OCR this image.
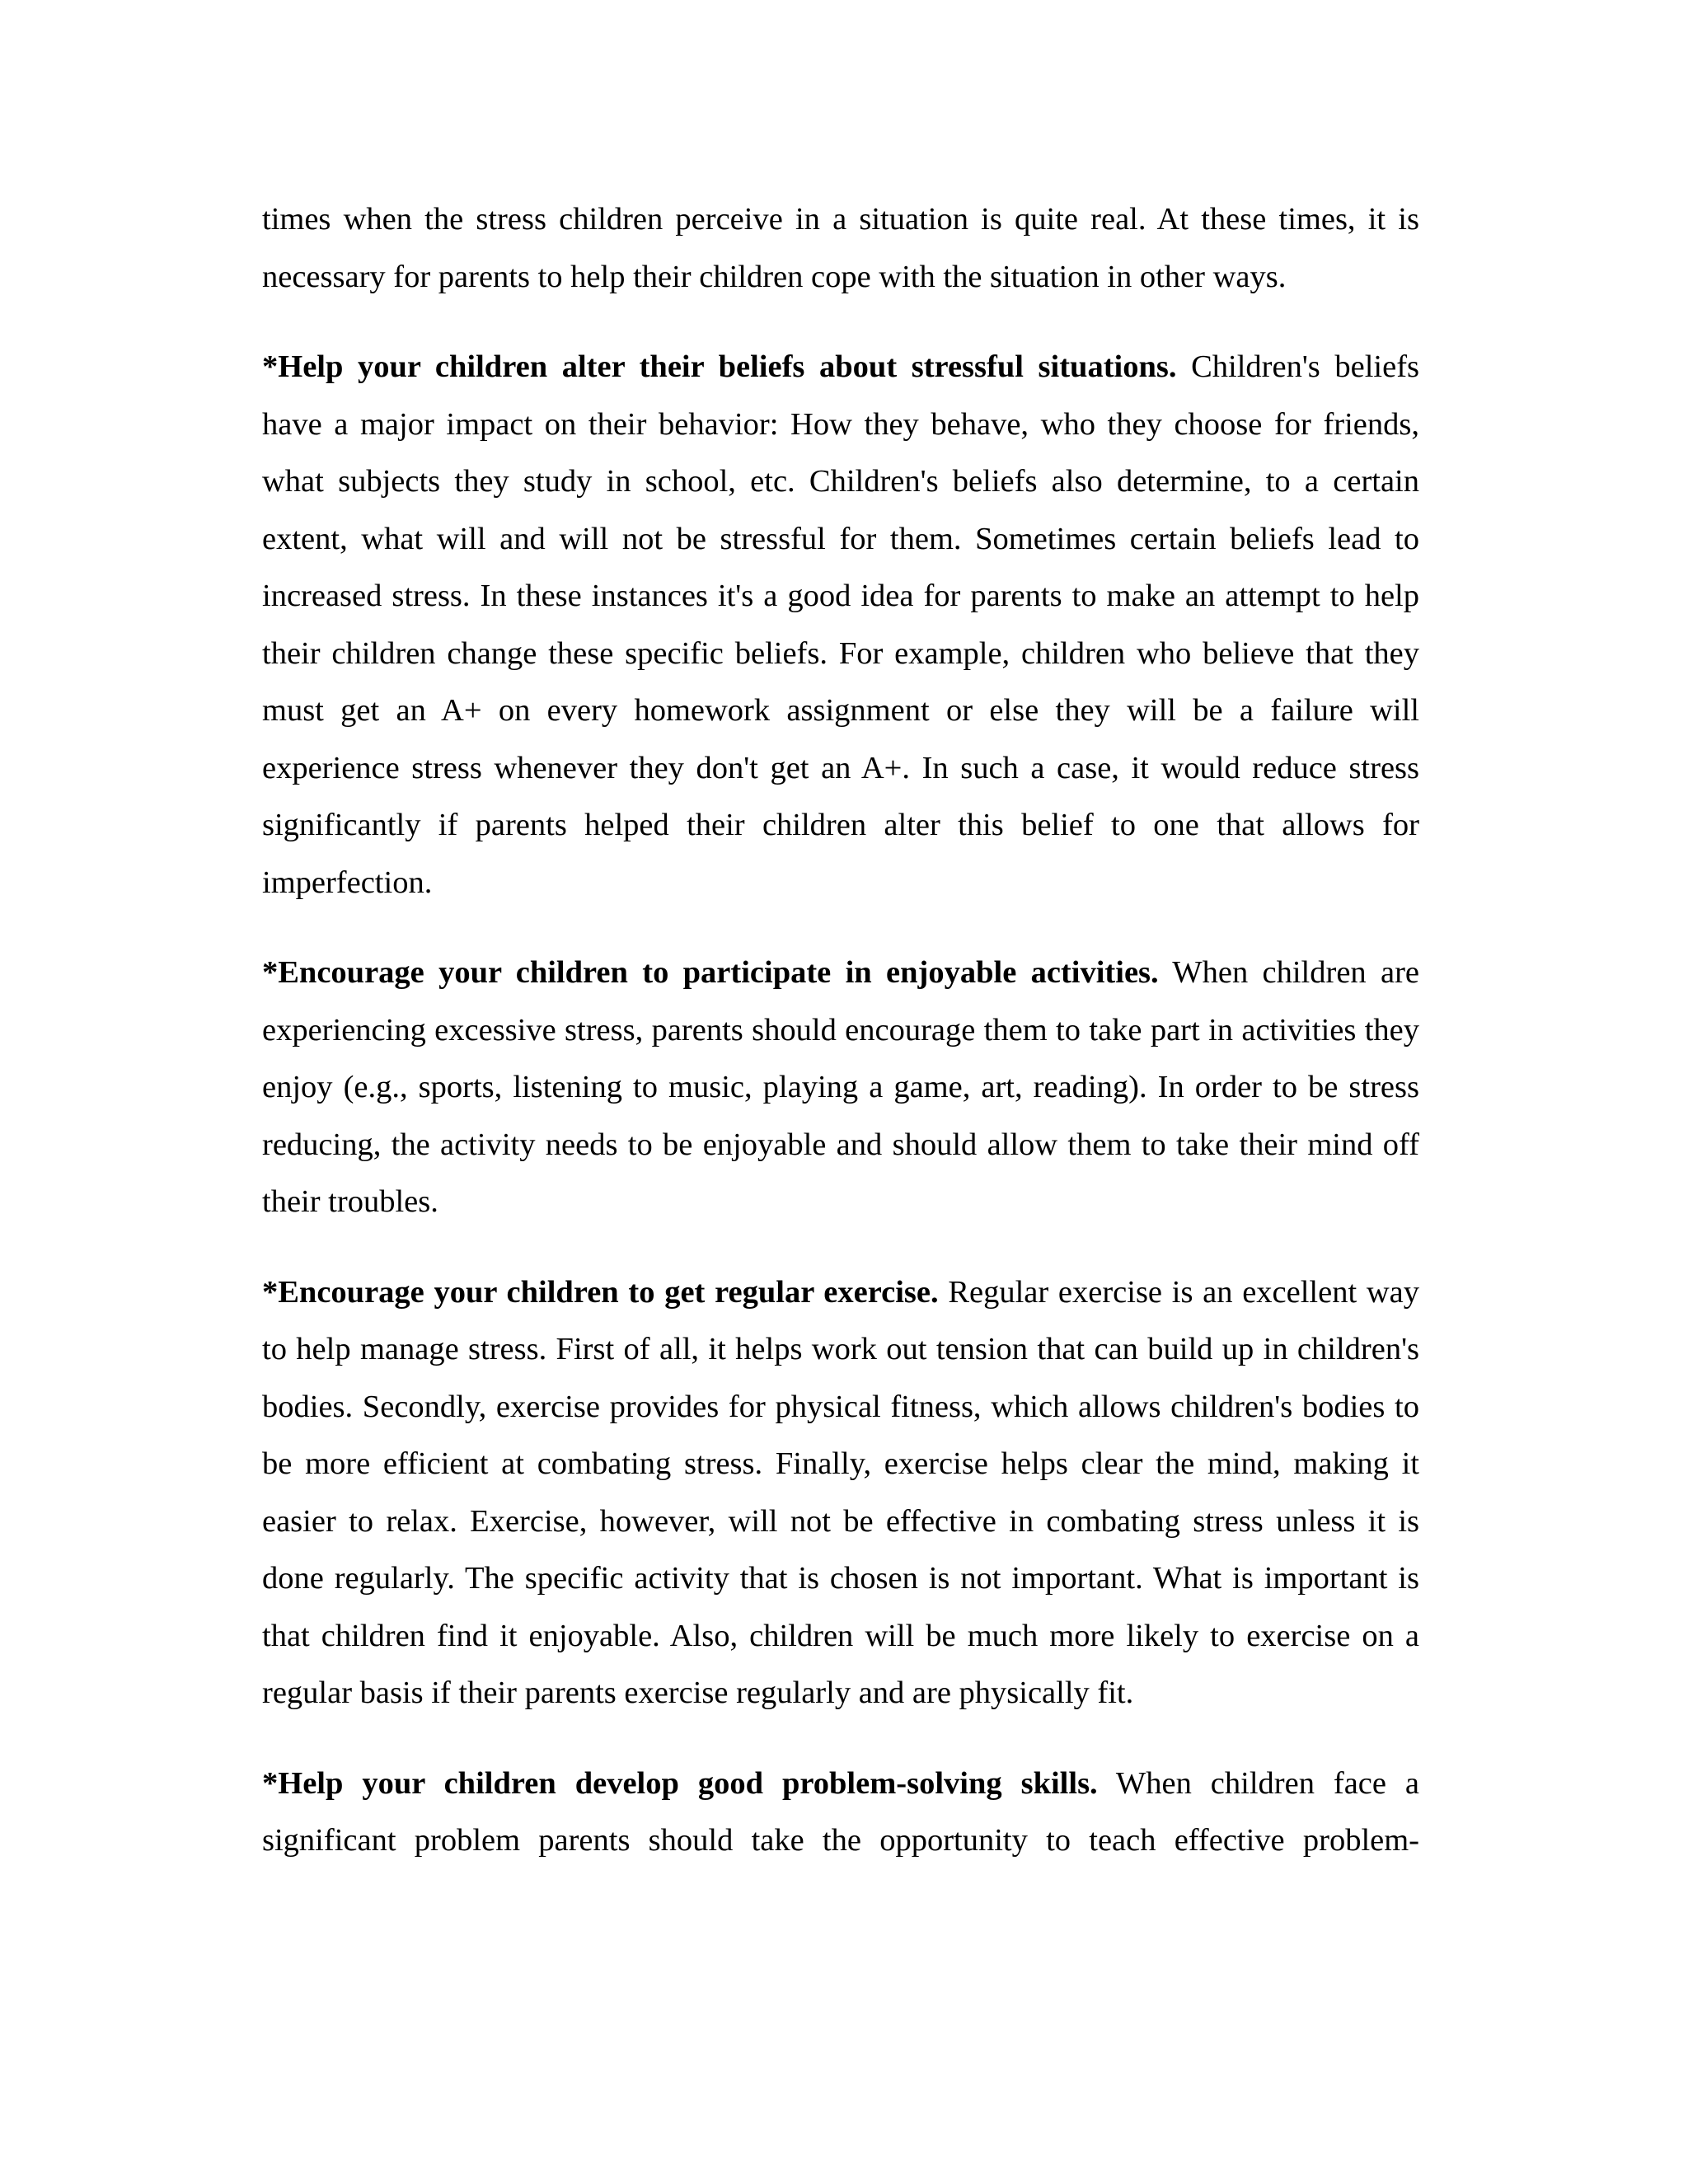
times when the stress children perceive in a situation is quite real. At these times, it is necessary for parents to help their children cope with the situation in other ways.

*Help your children alter their beliefs about stressful situations. Children's beliefs have a major impact on their behavior: How they behave, who they choose for friends, what subjects they study in school, etc. Children's beliefs also determine, to a certain extent, what will and will not be stressful for them. Sometimes certain beliefs lead to increased stress. In these instances it's a good idea for parents to make an attempt to help their children change these specific beliefs. For example, children who believe that they must get an A+ on every homework assignment or else they will be a failure will experience stress whenever they don't get an A+. In such a case, it would reduce stress significantly if parents helped their children alter this belief to one that allows for imperfection.

*Encourage your children to participate in enjoyable activities. When children are experiencing excessive stress, parents should encourage them to take part in activities they enjoy (e.g., sports, listening to music, playing a game, art, reading). In order to be stress reducing, the activity needs to be enjoyable and should allow them to take their mind off their troubles.

*Encourage your children to get regular exercise. Regular exercise is an excellent way to help manage stress. First of all, it helps work out tension that can build up in children's bodies. Secondly, exercise provides for physical fitness, which allows children's bodies to be more efficient at combating stress. Finally, exercise helps clear the mind, making it easier to relax. Exercise, however, will not be effective in combating stress unless it is done regularly. The specific activity that is chosen is not important. What is important is that children find it enjoyable. Also, children will be much more likely to exercise on a regular basis if their parents exercise regularly and are physically fit.

*Help your children develop good problem-solving skills. When children face a significant problem parents should take the opportunity to teach effective problem-
